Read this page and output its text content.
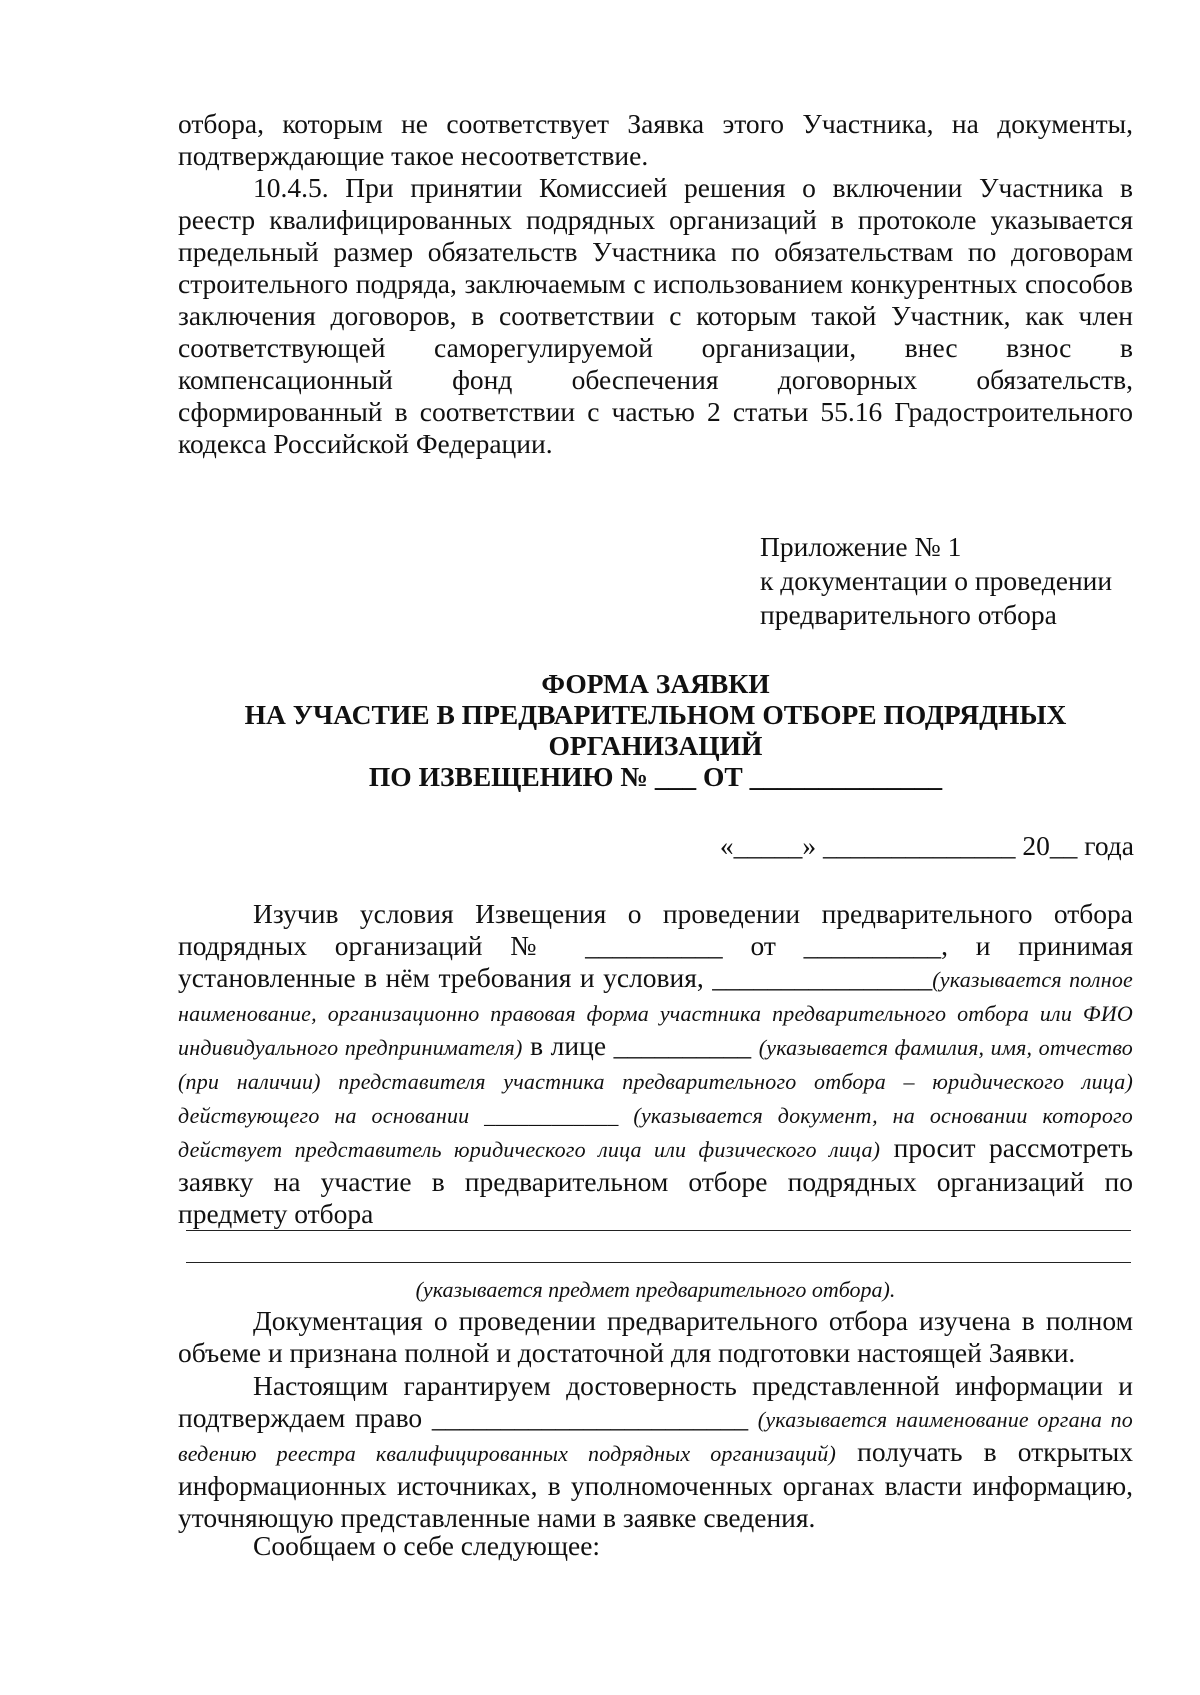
отбора, которым не соответствует Заявка этого Участника, на документы, подтверждающие такое несоответствие.

10.4.5. При принятии Комиссией решения о включении Участника в реестр квалифицированных подрядных организаций в протоколе указывается предельный размер обязательств Участника по обязательствам по договорам строительного подряда, заключаемым с использованием конкурентных способов заключения договоров, в соответствии с которым такой Участник, как член соответствующей саморегулируемой организации, внес взнос в компенсационный фонд обеспечения договорных обязательств, сформированный в соответствии с частью 2 статьи 55.16 Градостроительного кодекса Российской Федерации.

Приложение № 1
к документации о проведении
предварительного отбора
ФОРМА ЗАЯВКИ
НА УЧАСТИЕ В ПРЕДВАРИТЕЛЬНОМ ОТБОРЕ ПОДРЯДНЫХ
ОРГАНИЗАЦИЙ
ПО ИЗВЕЩЕНИЮ № ___ ОТ ______________
«_____» ______________ 20__ года

Изучив условия Извещения о проведении предварительного отбора подрядных организаций № __________ от __________, и принимая установленные в нём требования и условия, ________________(указывается полное наименование, организационно правовая форма участника предварительного отбора или ФИО индивидуального предпринимателя) в лице __________ (указывается фамилия, имя, отчество (при наличии) представителя участника предварительного отбора – юридического лица) действующего на основании ____________ (указывается документ, на основании которого действует представитель юридического лица или физического лица) просит рассмотреть заявку на участие в предварительном отборе подрядных организаций по предмету отбора

(указывается предмет предварительного отбора).

Документация о проведении предварительного отбора изучена в полном объеме и признана полной и достаточной для подготовки настоящей Заявки.

Настоящим гарантируем достоверность представленной информации и подтверждаем право _______________________ (указывается наименование органа по ведению реестра квалифицированных подрядных организаций) получать в открытых информационных источниках, в уполномоченных органах власти информацию, уточняющую представленные нами в заявке сведения.

Сообщаем о себе следующее:
